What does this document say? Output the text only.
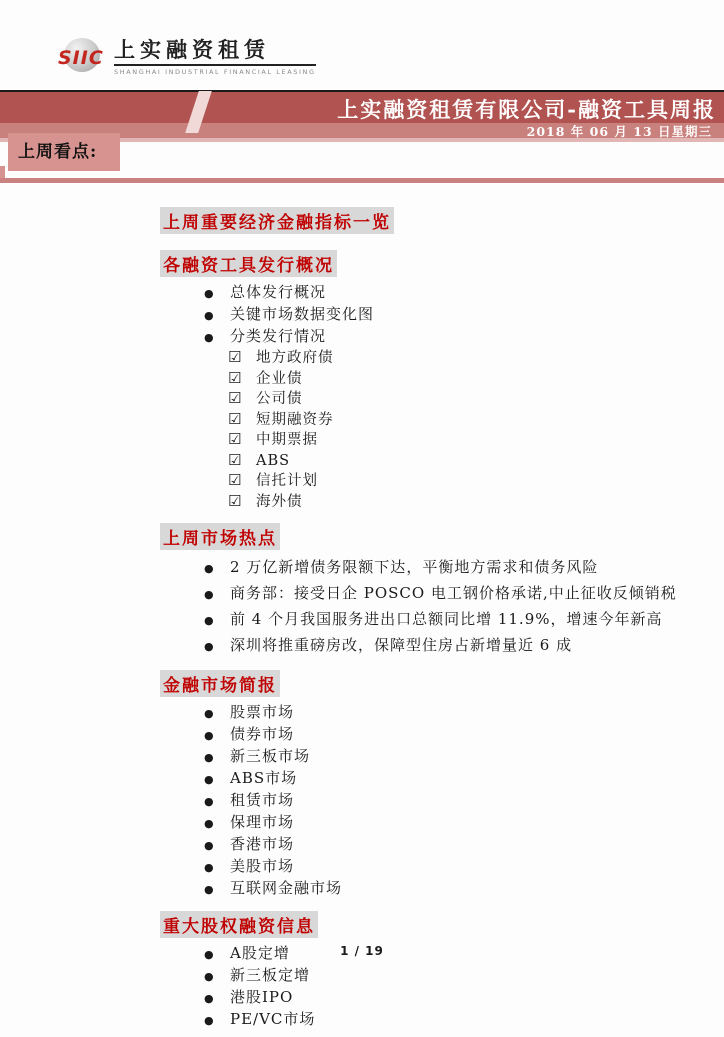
SIIC 上实融资租赁
SHANGHAI INDUSTRIAL FINANCIAL LEASING
上实融资租赁有限公司-融资工具周报
2018 年 06 月 13 日星期三
上周看点:
上周重要经济金融指标一览
各融资工具发行概况
● 总体发行概况
● 关键市场数据变化图
● 分类发行情况
☑ 地方政府债
☑ 企业债
☑ 公司债
☑ 短期融资券
☑ 中期票据
☑ ABS
☑ 信托计划
☑ 海外债
上周市场热点
● 2 万亿新增债务限额下达，平衡地方需求和债务风险
● 商务部：接受日企 POSCO 电工钢价格承诺,中止征收反倾销税
● 前 4 个月我国服务进出口总额同比增 11.9%，增速今年新高
● 深圳将推重磅房改，保障型住房占新增量近 6 成
金融市场简报
● 股票市场
● 债券市场
● 新三板市场
● ABS市场
● 租赁市场
● 保理市场
● 香港市场
● 美股市场
● 互联网金融市场
重大股权融资信息
● A股定增
● 新三板定增
● 港股IPO
● PE/VC市场
1 / 19
